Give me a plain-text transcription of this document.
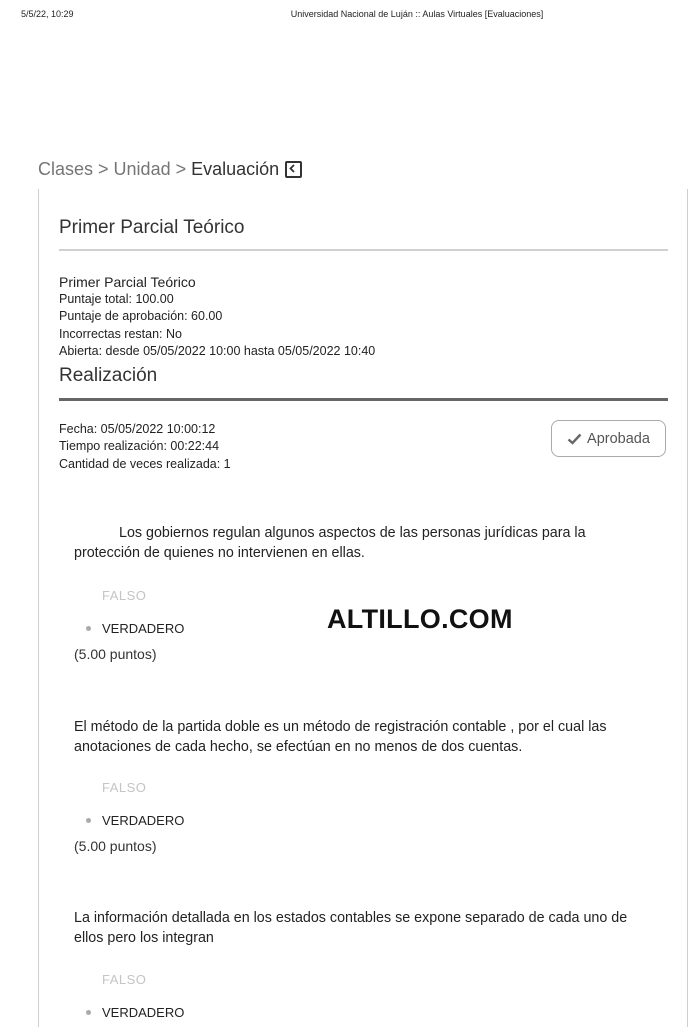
5/5/22, 10:29	Universidad Nacional de Luján :: Aulas Virtuales [Evaluaciones]
Clases > Unidad > Evaluación
Primer Parcial Teórico
Primer Parcial Teórico
Puntaje total: 100.00
Puntaje de aprobación: 60.00
Incorrectas restan: No
Abierta: desde 05/05/2022 10:00 hasta 05/05/2022 10:40
Realización
Fecha: 05/05/2022 10:00:12
Tiempo realización: 00:22:44
Cantidad de veces realizada: 1
Aprobada
Los gobiernos regulan algunos aspectos de las personas jurídicas para la protección de quienes no intervienen en ellas.
FALSO
VERDADERO
(5.00 puntos)
El método de la partida doble es un método de registración contable , por el cual las anotaciones de cada hecho, se efectúan en no menos de dos cuentas.
FALSO
VERDADERO
(5.00 puntos)
La información detallada en los estados contables se expone separado de cada uno de ellos pero los integran
FALSO
VERDADERO
ALTILLO.COM
